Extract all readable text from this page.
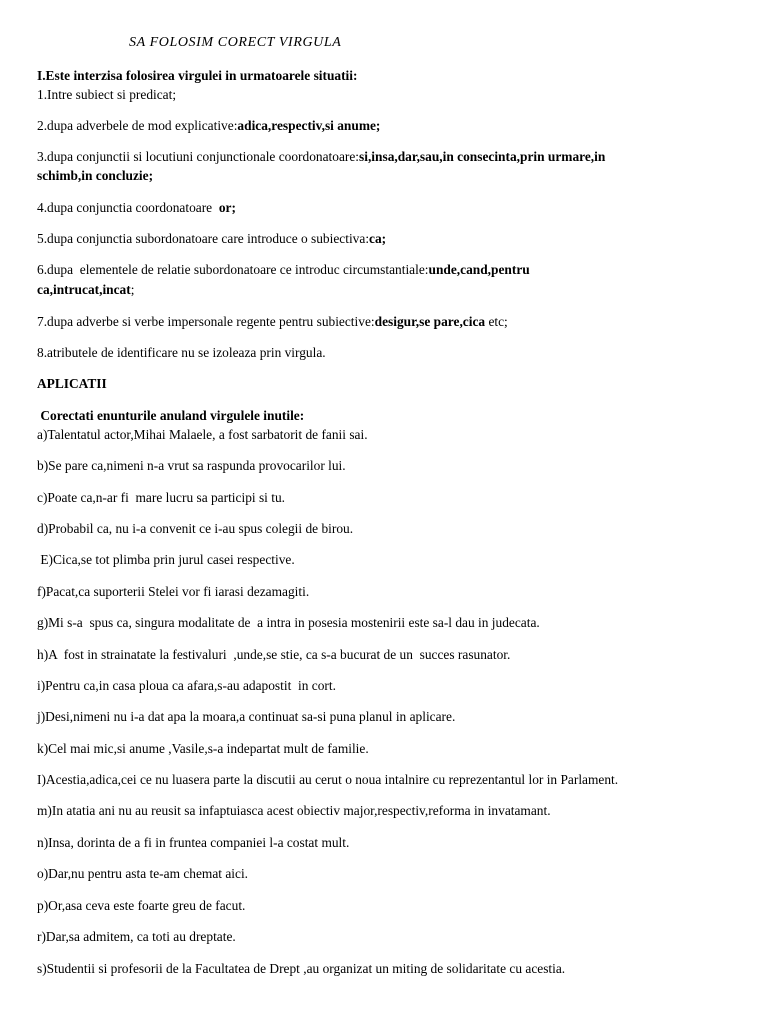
SA FOLOSIM CORECT VIRGULA
I.Este interzisa folosirea virgulei in urmatoarele situatii:
1.Intre subiect si predicat;
2.dupa adverbele de mod explicative:adica,respectiv,si anume;
3.dupa conjunctii si locutiuni conjunctionale coordonatoare:si,insa,dar,sau,in consecinta,prin urmare,in
schimb,in concluzie;
4.dupa conjunctia coordonatoare  or;
5.dupa conjunctia subordonatoare care introduce o subiectiva:ca;
6.dupa  elementele de relatie subordonatoare ce introduc circumstantiale:unde,cand,pentru
ca,intrucat,incat;
7.dupa adverbe si verbe impersonale regente pentru subiective:desigur,se pare,cica etc;
8.atributele de identificare nu se izoleaza prin virgula.
APLICATII
Corectati enunturile anuland virgulele inutile:
a)Talentatul actor,Mihai Malaele, a fost sarbatorit de fanii sai.
b)Se pare ca,nimeni n-a vrut sa raspunda provocarilor lui.
c)Poate ca,n-ar fi  mare lucru sa participi si tu.
d)Probabil ca, nu i-a convenit ce i-au spus colegii de birou.
E)Cica,se tot plimba prin jurul casei respective.
f)Pacat,ca suporterii Stelei vor fi iarasi dezamagiti.
g)Mi s-a  spus ca, singura modalitate de  a intra in posesia mostenirii este sa-l dau in judecata.
h)A  fost in strainatate la festivaluri  ,unde,se stie, ca s-a bucurat de un  succes rasunator.
i)Pentru ca,in casa ploua ca afara,s-au adapostit  in cort.
j)Desi,nimeni nu i-a dat apa la moara,a continuat sa-si puna planul in aplicare.
k)Cel mai mic,si anume ,Vasile,s-a indepartat mult de familie.
I)Acestia,adica,cei ce nu luasera parte la discutii au cerut o noua intalnire cu reprezentantul lor in Parlament.
m)In atatia ani nu au reusit sa infaptuiasca acest obiectiv major,respectiv,reforma in invatamant.
n)Insa, dorinta de a fi in fruntea companiei l-a costat mult.
o)Dar,nu pentru asta te-am chemat aici.
p)Or,asa ceva este foarte greu de facut.
r)Dar,sa admitem, ca toti au dreptate.
s)Studentii si profesorii de la Facultatea de Drept ,au organizat un miting de solidaritate cu acestia.
